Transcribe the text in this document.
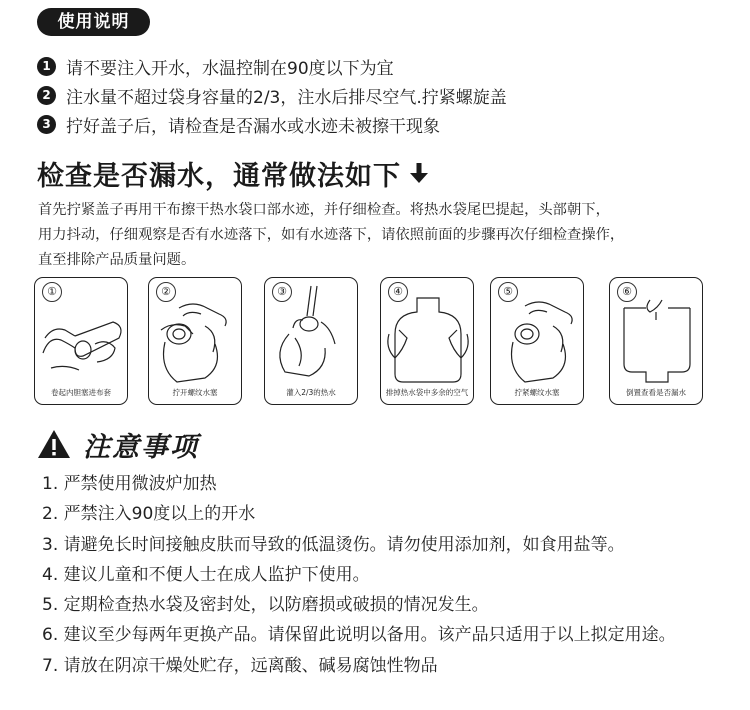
使用说明
1 请不要注入开水，水温控制在90度以下为宜
2 注水量不超过袋身容量的2/3，注水后排尽空气.拧紧螺旋盖
3 拧好盖子后，请检查是否漏水或水迹未被擦干现象
检查是否漏水，通常做法如下
首先拧紧盖子再用干布擦干热水袋口部水迹，并仔细检查。将热水袋尾巴提起，头部朝下，
用力抖动，仔细观察是否有水迹落下，如有水迹落下，请依照前面的步骤再次仔细检查操作，
直至排除产品质量问题。
①
卷起内胆塞进布套
②
拧开螺纹水塞
③
灌入2/3的热水
④
排掉热水袋中多余的空气
⑤
拧紧螺纹水塞
⑥
倒置查看是否漏水
注意事项
1. 严禁使用微波炉加热
2. 严禁注入90度以上的开水
3. 请避免长时间接触皮肤而导致的低温烫伤。请勿使用添加剂，如食用盐等。
4. 建议儿童和不便人士在成人监护下使用。
5. 定期检查热水袋及密封处，以防磨损或破损的情况发生。
6. 建议至少每两年更换产品。请保留此说明以备用。该产品只适用于以上拟定用途。
7. 请放在阴凉干燥处贮存，远离酸、碱易腐蚀性物品
